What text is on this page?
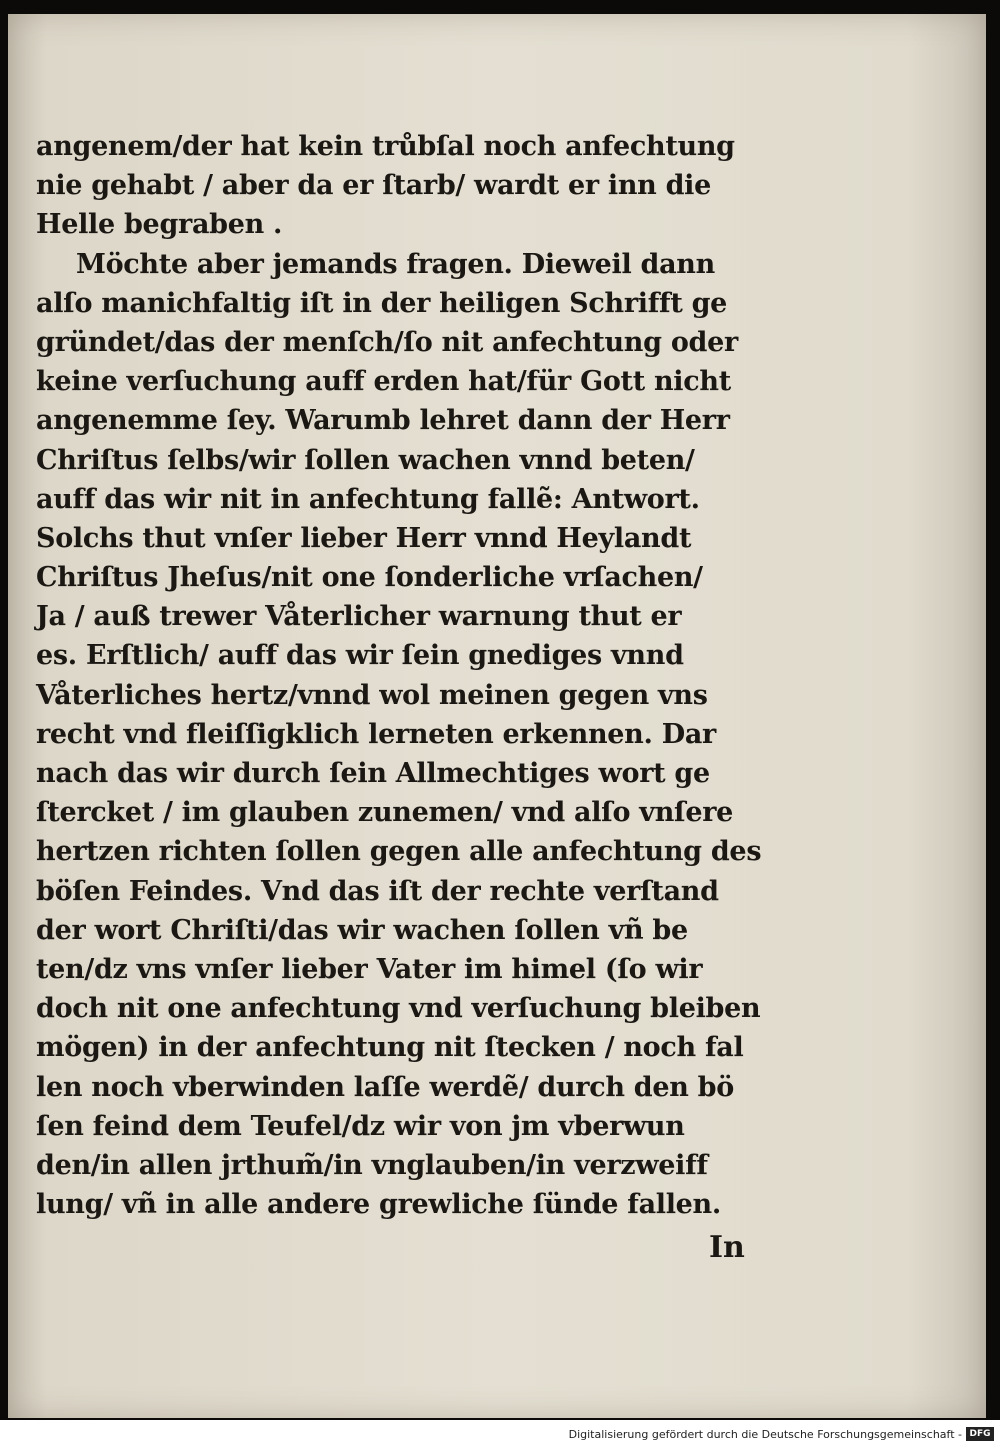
angenem/der hat kein trůbſal noch anfechtung
nie gehabt / aber da er ſtarb/ wardt er inn die
Helle begraben .
Möchte aber jemands fragen. Dieweil dann
alſo manichfaltig iſt in der heiligen Schrifft ge
gründet/das der menſch/ſo nit anfechtung oder
keine verſuchung auff erden hat/für Gott nicht
angenemme ſey. Warumb lehret dann der Herr
Chriſtus ſelbs/wir ſollen wachen vnnd beten/
auff das wir nit in anfechtung fallẽ: Antwort.
Solchs thut vnſer lieber Herr vnnd Heylandt
Chriſtus Jheſus/nit one ſonderliche vrſachen/
Ja / auß trewer Våterlicher warnung thut er
es. Erſtlich/ auff das wir ſein gnediges vnnd
Våterliches hertz/vnnd wol meinen gegen vns
recht vnd fleiſſigklich lerneten erkennen. Dar
nach das wir durch ſein Allmechtiges wort ge
ſtercket / im glauben zunemen/ vnd alſo vnſere
hertzen richten ſollen gegen alle anfechtung des
böſen Feindes. Vnd das iſt der rechte verſtand
der wort Chriſti/das wir wachen ſollen vñ be
ten/dz vns vnſer lieber Vater im himel (ſo wir
doch nit one anfechtung vnd verſuchung bleiben
mögen) in der anfechtung nit ſtecken / noch fal
len noch vberwinden laſſe werdẽ/ durch den bö
ſen feind dem Teufel/dz wir von jm vberwun
den/in allen jrthum̃/in vnglauben/in verzweiff
lung/ vñ in alle andere grewliche ſünde fallen.
In
Digitalisierung gefördert durch die Deutsche Forschungsgemeinschaft - DFG
